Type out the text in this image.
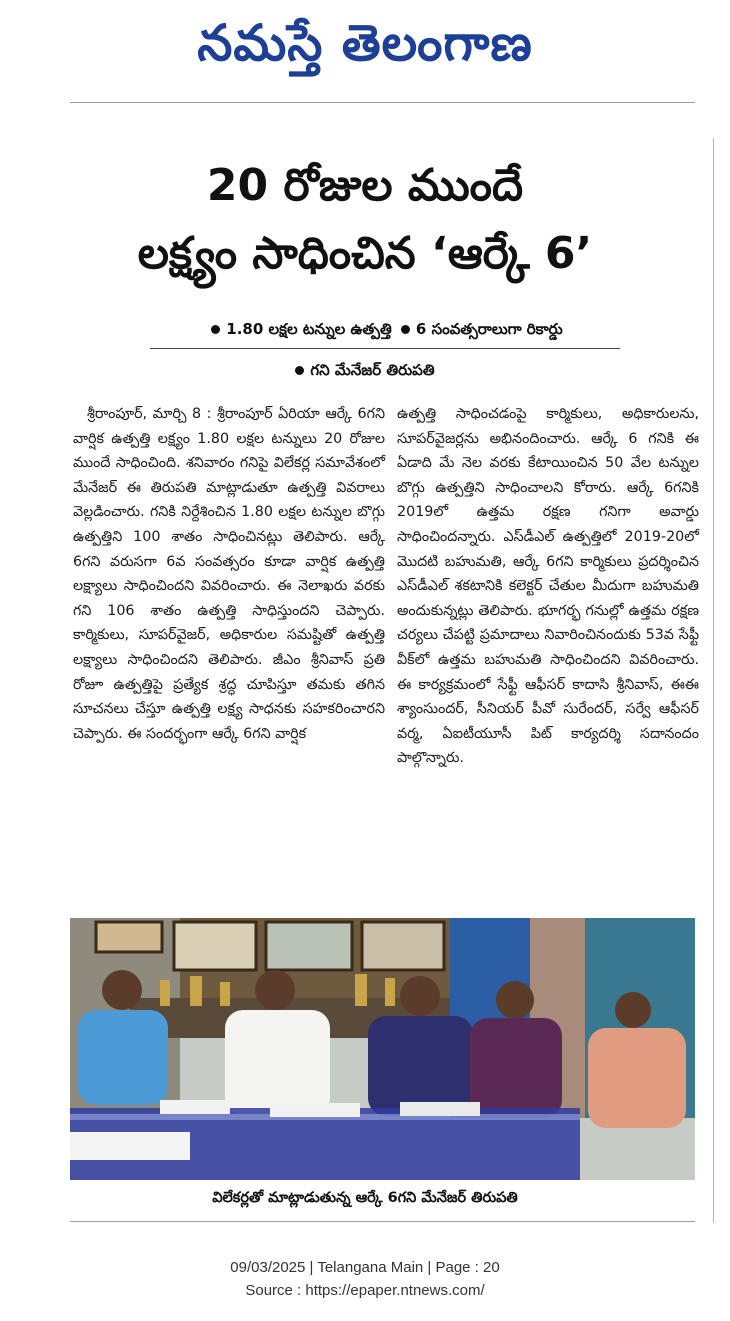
నమస్తే తెలంగాణ
20 రోజుల ముందే
లక్ష్యం సాధించిన ‘ఆర్కే 6’
1.80 లక్షల టన్నుల ఉత్పత్తి 6 సంవత్సరాలుగా రికార్డు
గని మేనేజర్ తిరుపతి
శ్రీరాంపూర్, మార్చి 8 : శ్రీరాంపూర్ ఏరియా ఆర్కే 6గని వార్షిక ఉత్పత్తి లక్ష్యం 1.80 లక్షల టన్నులు 20 రోజుల ముందే సాధించింది. శనివారం గనిపై విలేకర్ల సమావేశంలో మేనేజర్ ఈ తిరుపతి మాట్లాడుతూ ఉత్పత్తి వివరాలు వెల్లడించారు. గనికి నిర్దేశించిన 1.80 లక్షల టన్నుల బొగ్గు ఉత్పత్తిని 100 శాతం సాధించినట్లు తెలిపారు. ఆర్కే 6గని వరుసగా 6వ సంవత్సరం కూడా వార్షిక ఉత్పత్తి లక్ష్యాలు సాధించిందని వివరించారు. ఈ నెలాఖరు వరకు గని 106 శాతం ఉత్పత్తి సాధిస్తుందని చెప్పారు. కార్మికులు, సూపర్‌వైజర్, అధికారుల సమష్టితో ఉత్పత్తి లక్ష్యాలు సాధించిందని తెలిపారు. జీఎం శ్రీనివాస్ ప్రతి రోజూ ఉత్పత్తిపై ప్రత్యేక శ్రద్ధ చూపిస్తూ తమకు తగిన సూచనలు చేస్తూ ఉత్పత్తి లక్ష్య సాధనకు సహకరించారని చెప్పారు. ఈ సందర్భంగా ఆర్కే 6గని వార్షిక
ఉత్పత్తి సాధించడంపై కార్మికులు, అధికారులను, సూపర్‌వైజర్లను అభినందించారు. ఆర్కే 6 గనికి ఈ ఏడాది మే నెల వరకు కేటాయించిన 50 వేల టన్నుల బొగ్గు ఉత్పత్తిని సాధించాలని కోరారు. ఆర్కే 6గనికి 2019లో ఉత్తమ రక్షణ గనిగా అవార్డు సాధించిందన్నారు. ఎస్‌డీఎల్ ఉత్పత్తిలో 2019-20లో మొదటి బహుమతి, ఆర్కే 6గని కార్మికులు ప్రదర్శించిన ఎస్‌డీఎల్ శకటానికి కలెక్టర్ చేతుల మీదుగా బహుమతి అందుకున్నట్లు తెలిపారు. భూగర్భ గనుల్లో ఉత్తమ రక్షణ చర్యలు చేపట్టి ప్రమాదాలు నివారించినందుకు 53వ సేఫ్టీ వీక్‌లో ఉత్తమ బహుమతి సాధించిందని వివరించారు. ఈ కార్యక్రమంలో సేఫ్టీ ఆఫీసర్ కాదాసి శ్రీనివాస్, ఈఈ శ్యాంసుందర్, సీనియర్ పీవో సురేందర్, సర్వే ఆఫీసర్ వర్మ, ఏఐటీయూసీ పిట్ కార్యదర్శి సదానందం పాల్గొన్నారు.
విలేకర్లతో మాట్లాడుతున్న ఆర్కే 6గని మేనేజర్ తిరుపతి
09/03/2025 | Telangana Main | Page : 20
Source : https://epaper.ntnews.com/
